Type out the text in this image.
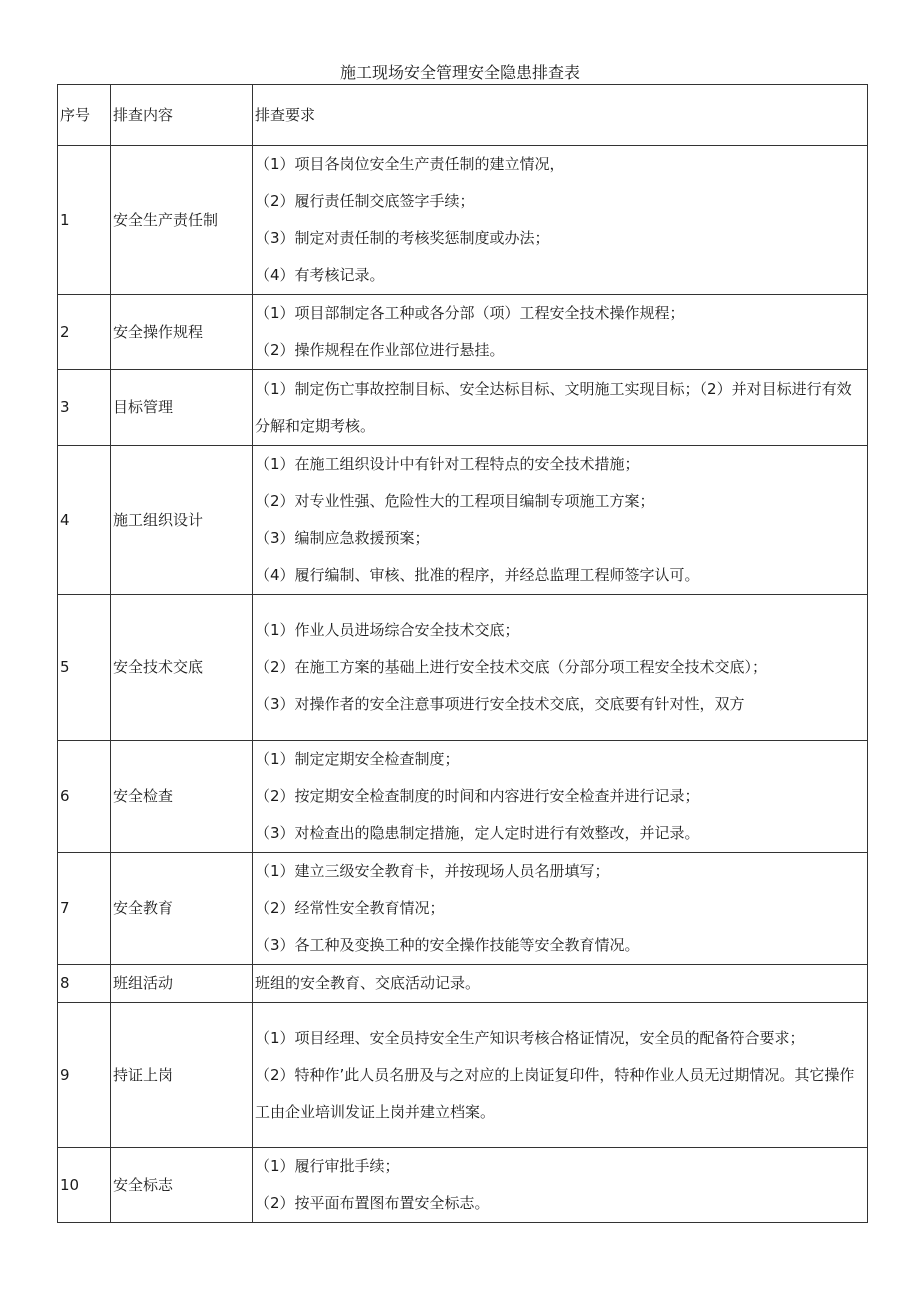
施工现场安全管理安全隐患排查表
序号	排查内容	排查要求
1	安全生产责任制	（1）项目各岗位安全生产责任制的建立情况，
（2）履行责任制交底签字手续；
（3）制定对责任制的考核奖惩制度或办法；
（4）有考核记录。

2	安全操作规程	（1）项目部制定各工种或各分部（项）工程安全技术操作规程；
（2）操作规程在作业部位进行悬挂。

3	目标管理	（1）制定伤亡事故控制目标、安全达标目标、文明施工实现目标；（2）并对目标进行有效分解和定期考核。

4	施工组织设计	（1）在施工组织设计中有针对工程特点的安全技术措施；
（2）对专业性强、危险性大的工程项目编制专项施工方案；
（3）编制应急救援预案；
（4）履行编制、审核、批准的程序，并经总监理工程师签字认可。

5	安全技术交底	（1）作业人员进场综合安全技术交底；
（2）在施工方案的基础上进行安全技术交底（分部分项工程安全技术交底）；
（3）对操作者的安全注意事项进行安全技术交底，交底要有针对性，双方

6	安全检查	（1）制定定期安全检查制度；
（2）按定期安全检查制度的时间和内容进行安全检查并进行记录；
（3）对检查出的隐患制定措施，定人定时进行有效整改，并记录。

7	安全教育	（1）建立三级安全教育卡，并按现场人员名册填写；
（2）经常性安全教育情况；
（3）各工种及变换工种的安全操作技能等安全教育情况。

8	班组活动	班组的安全教育、交底活动记录。

9	持证上岗	（1）项目经理、安全员持安全生产知识考核合格证情况，安全员的配备符合要求；
（2）特种作’此人员名册及与之对应的上岗证复印件，特种作业人员无过期情况。其它操作工由企业培训发证上岗并建立档案。

10	安全标志	（1）履行审批手续；
（2）按平面布置图布置安全标志。
